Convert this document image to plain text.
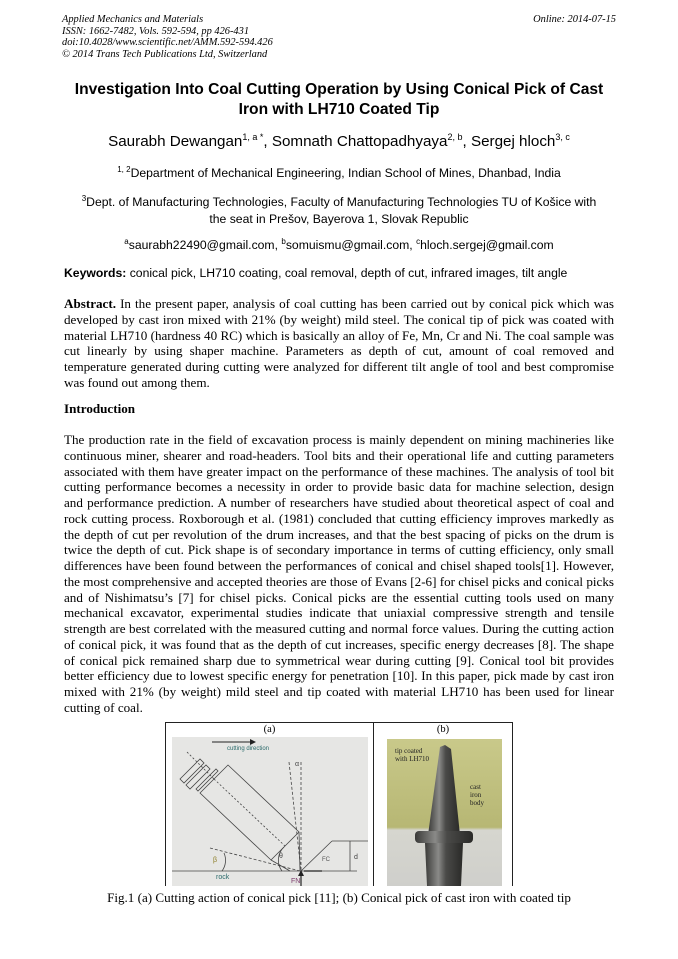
Applied Mechanics and Materials
ISSN: 1662-7482, Vols. 592-594, pp 426-431
doi:10.4028/www.scientific.net/AMM.592-594.426
© 2014 Trans Tech Publications Ltd, Switzerland
Online: 2014-07-15
Investigation Into Coal Cutting Operation by Using Conical Pick of Cast
Iron with LH710 Coated Tip
Saurabh Dewangan$^{1, a *}$, Somnath Chattopadhyaya$^{2, b}$, Sergej hloch$^{3, c}$
$^{1, 2}$Department of Mechanical Engineering, Indian School of Mines, Dhanbad, India
$^3$Dept. of Manufacturing Technologies, Faculty of Manufacturing Technologies TU of Košice with
the seat in Prešov, Bayerova 1, Slovak Republic
$^a$saurabh22490@gmail.com, $^b$somuismu@gmail.com, $^c$hloch.sergej@gmail.com
Keywords: conical pick, LH710 coating, coal removal, depth of cut, infrared images, tilt angle
Abstract. In the present paper, analysis of coal cutting has been carried out by conical pick which was developed by cast iron mixed with 21% (by weight) mild steel. The conical tip of pick was coated with material LH710 (hardness 40 RC) which is basically an alloy of Fe, Mn, Cr and Ni. The coal sample was cut linearly by using shaper machine. Parameters as depth of cut, amount of coal removed and temperature generated during cutting were analyzed for different tilt angle of tool and best compromise was found out among them.
Introduction
The production rate in the field of excavation process is mainly dependent on mining machineries like continuous miner, shearer and road-headers. Tool bits and their operational life and cutting parameters associated with them have greater impact on the performance of these machines. The analysis of tool bit cutting performance becomes a necessity in order to provide basic data for machine selection, design and performance prediction. A number of researchers have studied about theoretical aspect of coal and rock cutting process. Roxborough et al. (1981) concluded that cutting efficiency improves markedly as the depth of cut per revolution of the drum increases, and that the best spacing of picks on the drum is twice the depth of cut. Pick shape is of secondary importance in terms of cutting efficiency, only small differences have been found between the performances of conical and chisel shaped tools[1]. However, the most comprehensive and accepted theories are those of Evans [2-6] for chisel picks and conical picks and of Nishimatsu’s [7] for chisel picks. Conical picks are the essential cutting tools used on many mechanical excavator, experimental studies indicate that uniaxial compressive strength and tensile strength are best correlated with the measured cutting and normal force values. During the cutting action of conical pick, it was found that as the depth of cut increases, specific energy decreases [8]. The shape of conical pick remained sharp due to symmetrical wear during cutting [9]. Conical tool bit provides better efficiency due to lowest specific energy for penetration [10]. In this paper, pick made by cast iron mixed with 21% (by weight) mild steel and tip coated with material LH710 has been used for linear cutting of coal.
(a)
α
β
θ	d
FC
FN
rock
cutting direction
(b)
tip coated
with LH710
cast
iron
body
Fig.1 (a) Cutting action of conical pick [11]; (b) Conical pick of cast iron with coated tip
